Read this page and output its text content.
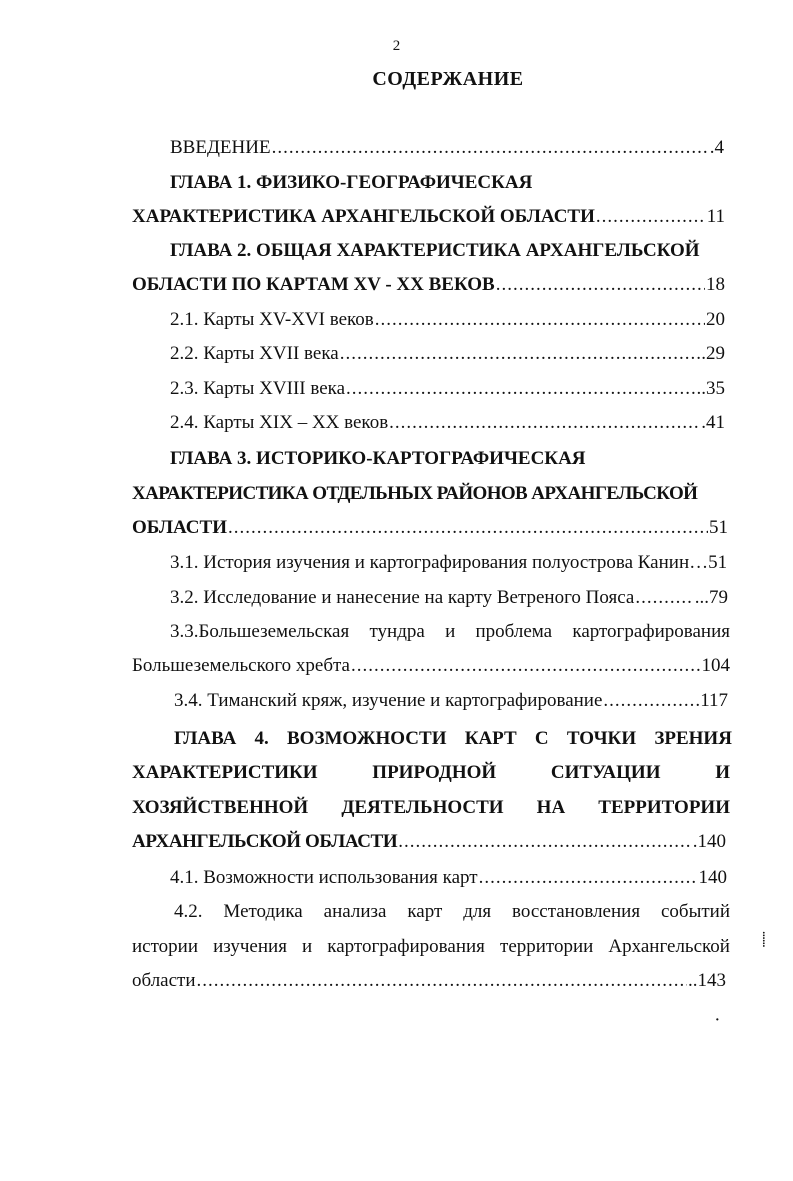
2
СОДЕРЖАНИЕ
ВВЕДЕНИЕ .....	.4
ГЛАВА 1. ФИЗИКО-ГЕОГРАФИЧЕСКАЯ
ХАРАКТЕРИСТИКА АРХАНГЕЛЬСКОЙ ОБЛАСТИ .....	11
ГЛАВА 2. ОБЩАЯ ХАРАКТЕРИСТИКА АРХАНГЕЛЬСКОЙ
ОБЛАСТИ ПО КАРТАМ XV - XX ВЕКОВ .....	18
2.1. Карты XV-XVI веков .....	20
2.2. Карты XVII века .....	.29
2.3. Карты XVIII века .....	..35
2.4. Карты XIX – XX веков .....	.41
ГЛАВА 3. ИСТОРИКО-КАРТОГРАФИЧЕСКАЯ
ХАРАКТЕРИСТИКА ОТДЕЛЬНЫХ РАЙОНОВ АРХАНГЕЛЬСКОЙ
ОБЛАСТИ .....	51
3.1. История изучения и картографирования полуострова Канин…51
3.2. Исследование и нанесение на карту Ветреного Пояса .....	...79
3.3.Большеземельская тундра и проблема картографирования
Большеземельского хребта .....	104
3.4. Тиманский кряж, изучение и картографирование .....	117
ГЛАВА 4. ВОЗМОЖНОСТИ КАРТ С ТОЧКИ ЗРЕНИЯ
ХАРАКТЕРИСТИКИ	ПРИРОДНОЙ	СИТУАЦИИ	И
ХОЗЯЙСТВЕННОЙ ДЕЯТЕЛЬНОСТИ НА ТЕРРИТОРИИ
АРХАНГЕЛЬСКОЙ ОБЛАСТИ .....	.140
4.1. Возможности использования карт .....	140
4.2. Методика анализа карт для восстановления событий
истории изучения и картографирования территории Архангельской
области .....	..143
⸽
·
